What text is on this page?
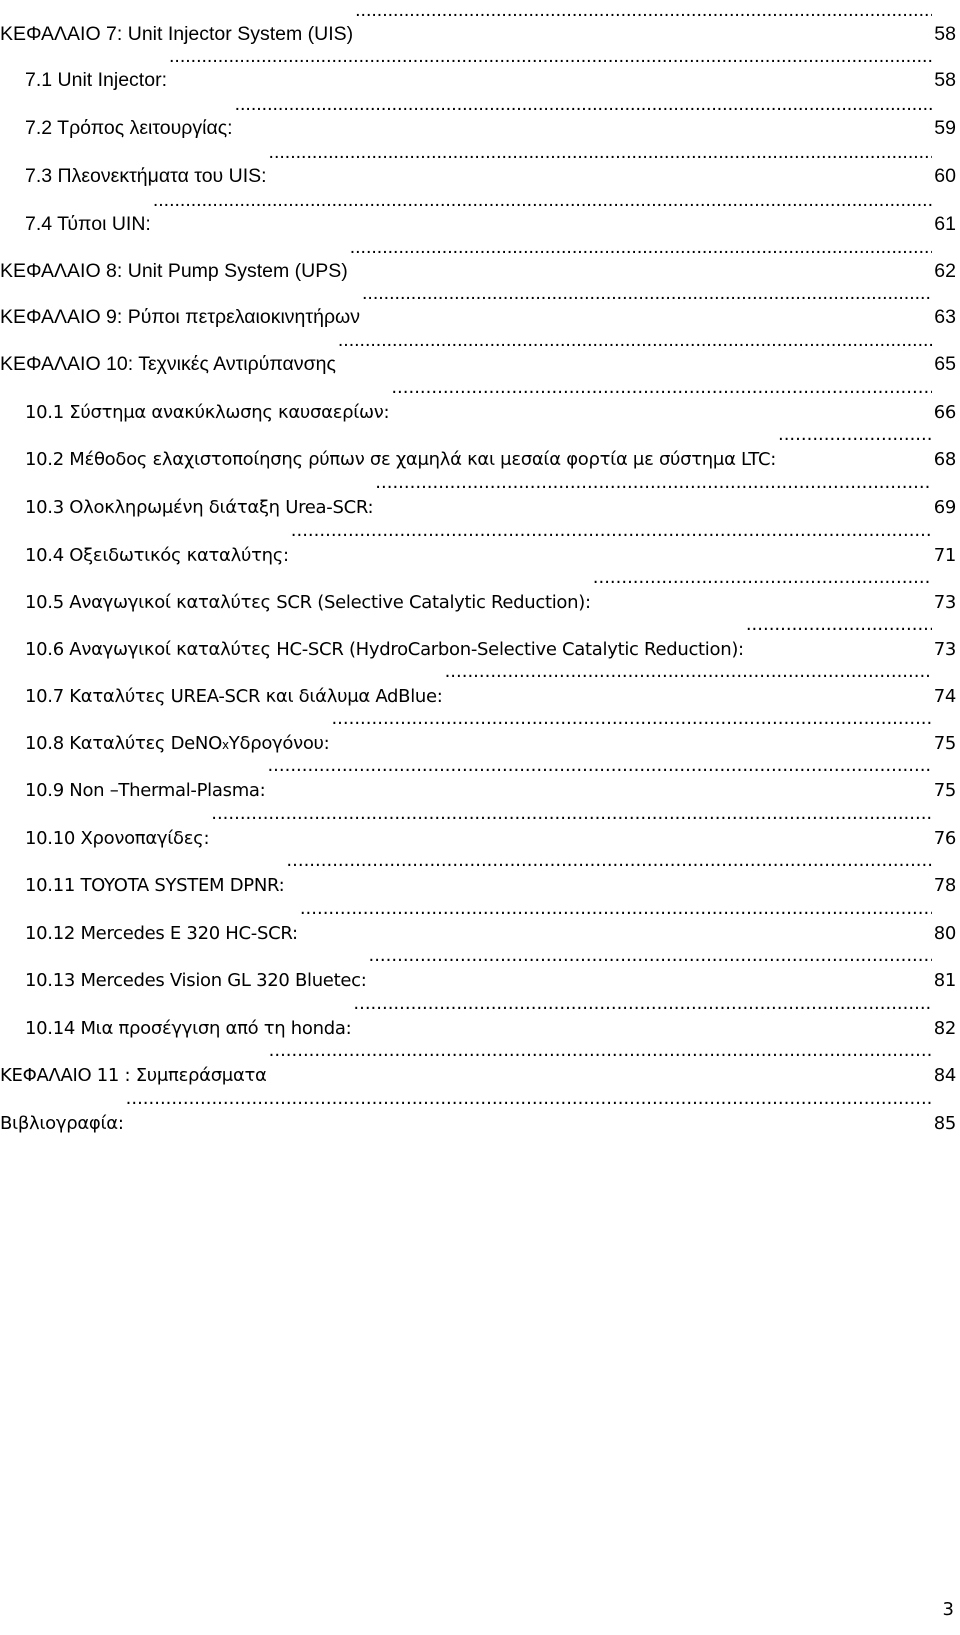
ΚΕΦΑΛΑΙΟ 7: Unit Injector System (UIS) .....	58
7.1 Unit Injector: .....	58
7.2 Τρόπος λειτουργίας: .....	59
7.3 Πλεονεκτήματα του UIS: .....	60
7.4 Τύποι UIN: .....	61
ΚΕΦΑΛΑΙΟ 8: Unit Pump System (UPS) .....	62
ΚΕΦΑΛΑΙΟ 9: Ρύποι πετρελαιοκινητήρων .....	63
ΚΕΦΑΛΑΙΟ 10: Τεχνικές Αντιρύπανσης .....	65
10.1 Σύστημα ανακύκλωσης καυσαερίων: .....	66
10.2 Μέθοδος ελαχιστοποίησης ρύπων σε χαμηλά και μεσαία φορτία με σύστημα LTC: .....	68
10.3 Ολοκληρωμένη διάταξη Urea-SCR: .....	69
10.4 Οξειδωτικός καταλύτης: .....	71
10.5 Αναγωγικοί καταλύτες SCR (Selective Catalytic Reduction): .....	73
10.6 Αναγωγικοί καταλύτες HC-SCR (HydroCarbon-Selective Catalytic Reduction): .....	73
10.7 Καταλύτες UREA-SCR και διάλυμα AdBlue: .....	74
10.8 Καταλύτες DeNO x Υδρογόνου: .....	75
10.9 Non –Thermal-Plasma: .....	75
10.10 Χρονοπαγίδες: .....	76
10.11 TOYOTA SYSTEM DPNR: .....	78
10.12 Mercedes E 320 HC-SCR: .....	80
10.13 Mercedes Vision GL 320 Bluetec: .....	81
10.14 Μια προσέγγιση από τη honda: .....	82
ΚΕΦΑΛΑΙΟ 11 : Συμπεράσματα .....	84
Βιβλιογραφία: .....	85
3
